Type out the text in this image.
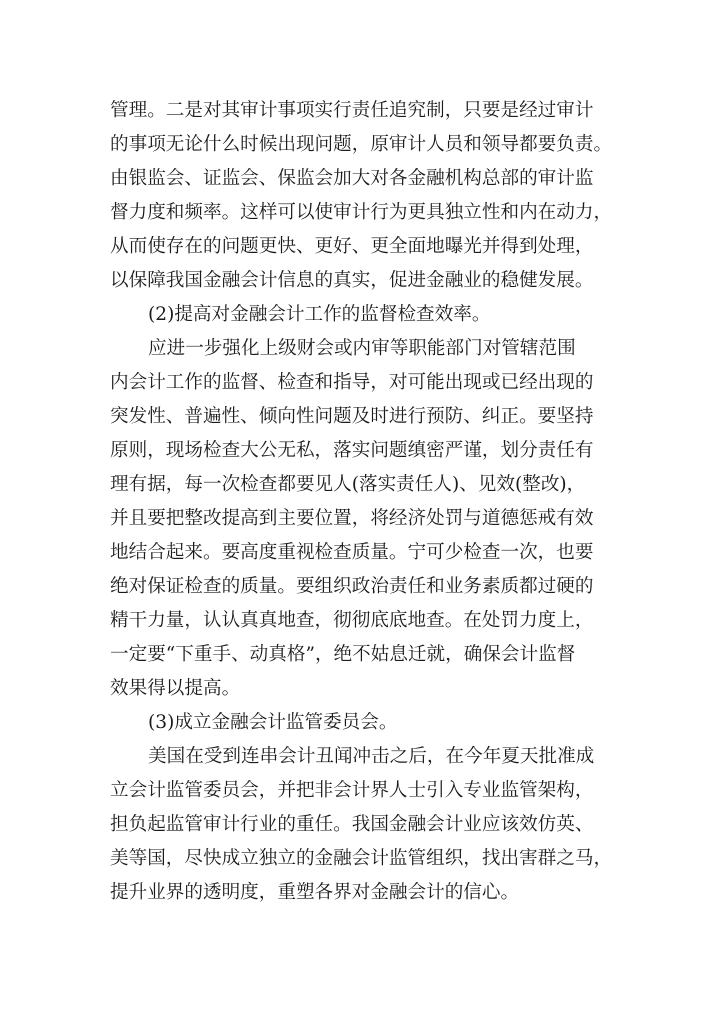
管理。二是对其审计事项实行责任追究制，只要是经过审计
的事项无论什么时候出现问题，原审计人员和领导都要负责。
由银监会、证监会、保监会加大对各金融机构总部的审计监
督力度和频率。这样可以使审计行为更具独立性和内在动力，
从而使存在的问题更快、更好、更全面地曝光并得到处理，
以保障我国金融会计信息的真实，促进金融业的稳健发展。
(2)提高对金融会计工作的监督检查效率。
应进一步强化上级财会或内审等职能部门对管辖范围
内会计工作的监督、检查和指导，对可能出现或已经出现的
突发性、普遍性、倾向性问题及时进行预防、纠正。要坚持
原则，现场检查大公无私，落实问题缜密严谨，划分责任有
理有据，每一次检查都要见人(落实责任人)、见效(整改)，
并且要把整改提高到主要位置，将经济处罚与道德惩戒有效
地结合起来。要高度重视检查质量。宁可少检查一次，也要
绝对保证检查的质量。要组织政治责任和业务素质都过硬的
精干力量，认认真真地查，彻彻底底地查。在处罚力度上，
一定要“下重手、动真格”，绝不姑息迁就，确保会计监督
效果得以提高。
(3)成立金融会计监管委员会。
美国在受到连串会计丑闻冲击之后，在今年夏天批准成
立会计监管委员会，并把非会计界人士引入专业监管架构，
担负起监管审计行业的重任。我国金融会计业应该效仿英、
美等国，尽快成立独立的金融会计监管组织，找出害群之马，
提升业界的透明度，重塑各界对金融会计的信心。
